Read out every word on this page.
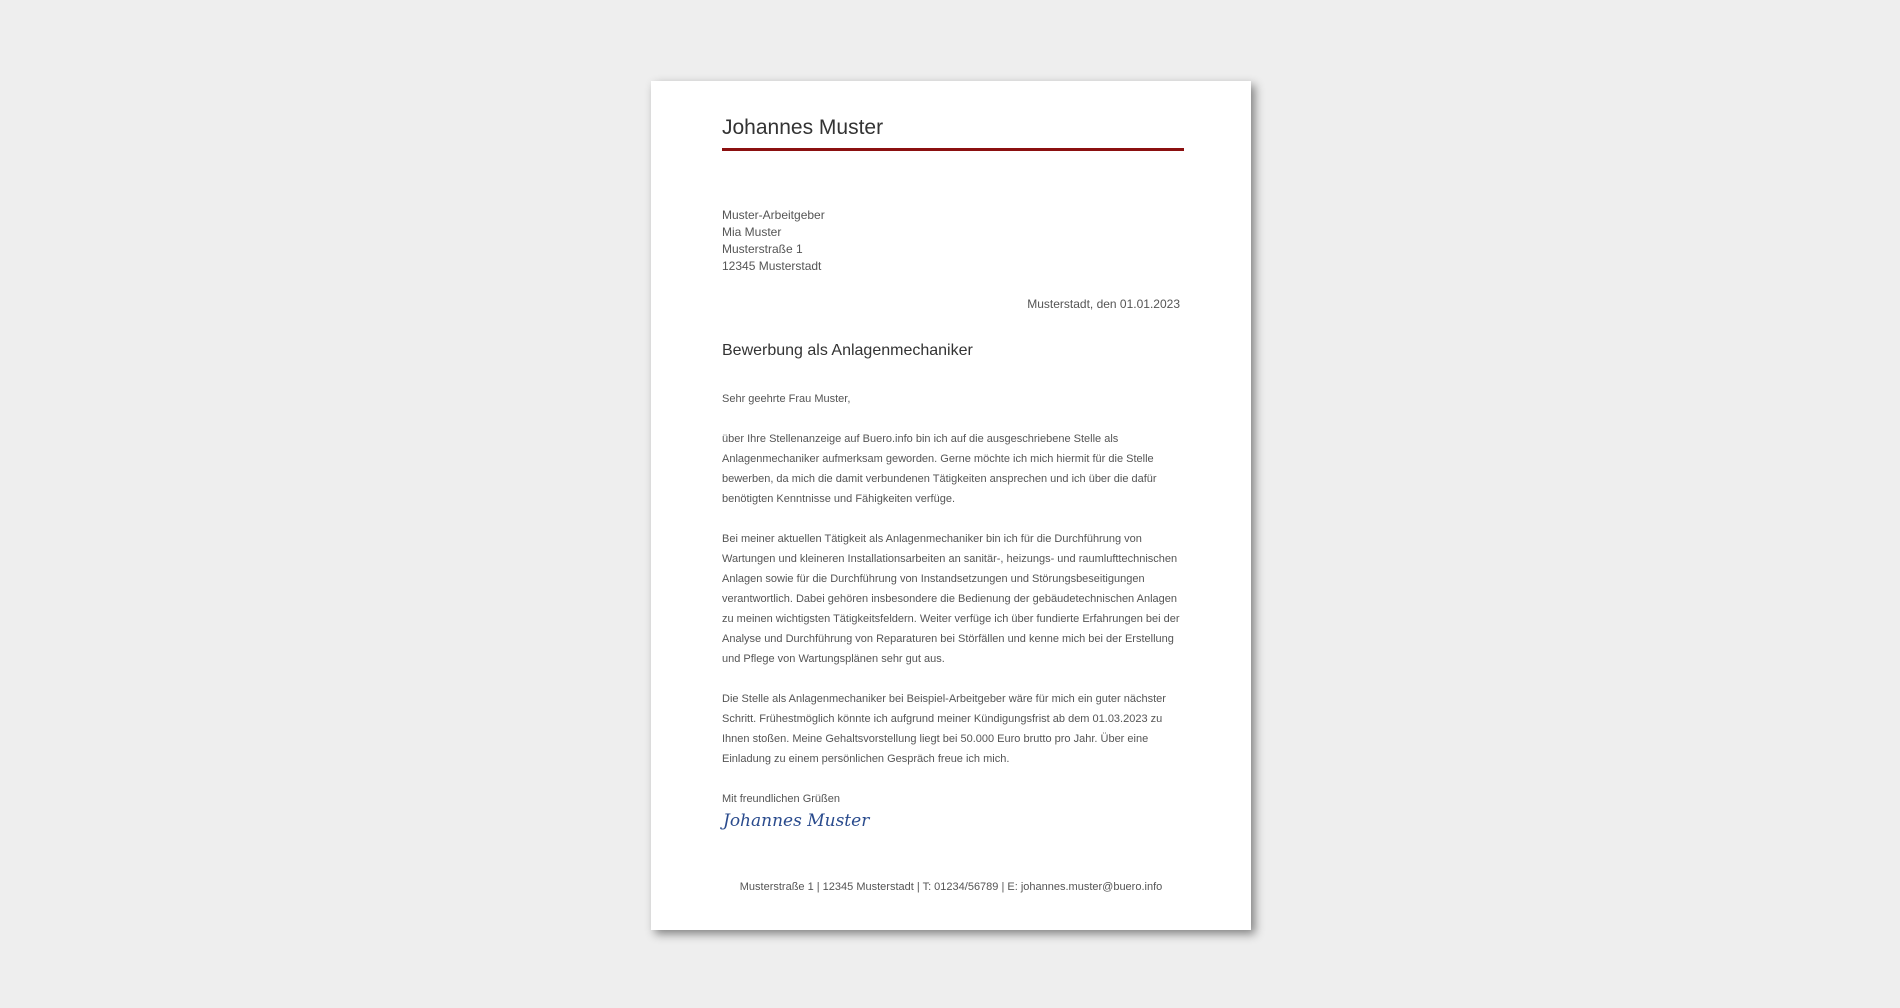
Johannes Muster
Muster-Arbeitgeber
Mia Muster
Musterstraße 1
12345 Musterstadt
Musterstadt, den 01.01.2023
Bewerbung als Anlagenmechaniker

Sehr geehrte Frau Muster,

über Ihre Stellenanzeige auf Buero.info bin ich auf die ausgeschriebene Stelle als Anlagenmechaniker aufmerksam geworden. Gerne möchte ich mich hiermit für die Stelle bewerben, da mich die damit verbundenen Tätigkeiten ansprechen und ich über die dafür benötigten Kenntnisse und Fähigkeiten verfüge.

Bei meiner aktuellen Tätigkeit als Anlagenmechaniker bin ich für die Durchführung von Wartungen und kleineren Installationsarbeiten an sanitär-, heizungs- und raumlufttechnischen Anlagen sowie für die Durchführung von Instandsetzungen und Störungsbeseitigungen verantwortlich. Dabei gehören insbesondere die Bedienung der gebäudetechnischen Anlagen zu meinen wichtigsten Tätigkeitsfeldern. Weiter verfüge ich über fundierte Erfahrungen bei der Analyse und Durchführung von Reparaturen bei Störfällen und kenne mich bei der Erstellung und Pflege von Wartungsplänen sehr gut aus.

Die Stelle als Anlagenmechaniker bei Beispiel-Arbeitgeber wäre für mich ein guter nächster Schritt. Frühestmöglich könnte ich aufgrund meiner Kündigungsfrist ab dem 01.03.2023 zu Ihnen stoßen. Meine Gehaltsvorstellung liegt bei 50.000 Euro brutto pro Jahr. Über eine Einladung zu einem persönlichen Gespräch freue ich mich.

Mit freundlichen Grüßen
Johannes Muster
Musterstraße 1 | 12345 Musterstadt | T: 01234/56789 | E: johannes.muster@buero.info
